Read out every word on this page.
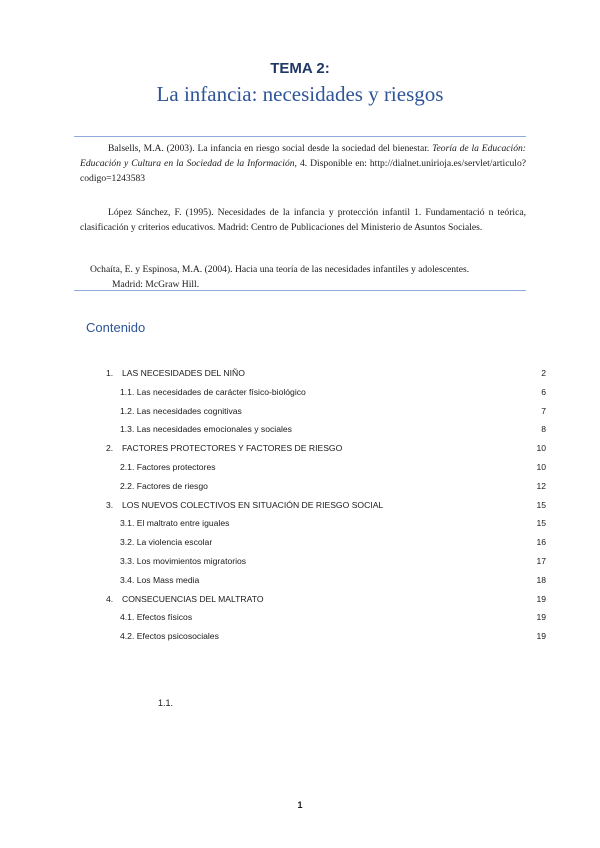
TEMA 2:
La infancia: necesidades y riesgos
Balsells, M.A. (2003). La infancia en riesgo social desde la sociedad del bienestar. Teoría de la Educación: Educación y Cultura en la Sociedad de la Información, 4. Disponible en: http://dialnet.unirioja.es/servlet/articulo?codigo=1243583
López Sánchez, F. (1995). Necesidades de la infancia y protección infantil 1. Fundamentació n teórica, clasificación y criterios educativos. Madrid: Centro de Publicaciones del Ministerio de Asuntos Sociales.
Ochaíta, E. y Espinosa, M.A. (2004). Hacia una teoría de las necesidades infantiles y adolescentes.
Madrid: McGraw Hill.
Contenido
1. LAS NECESIDADES DEL NIÑO	2
1.1. Las necesidades de carácter físico-biológico	6
1.2. Las necesidades cognitivas	7
1.3. Las necesidades emocionales y sociales	8
2. FACTORES PROTECTORES Y FACTORES DE RIESGO	10
2.1. Factores protectores	10
2.2. Factores de riesgo	12
3. LOS NUEVOS COLECTIVOS EN SITUACIÓN DE RIESGO SOCIAL	15
3.1. El maltrato entre iguales	15
3.2. La violencia escolar	16
3.3. Los movimientos migratorios	17
3.4. Los Mass media	18
4. CONSECUENCIAS DEL MALTRATO	19
4.1. Efectos físicos	19
4.2. Efectos psicosociales	19
1.1.
1
